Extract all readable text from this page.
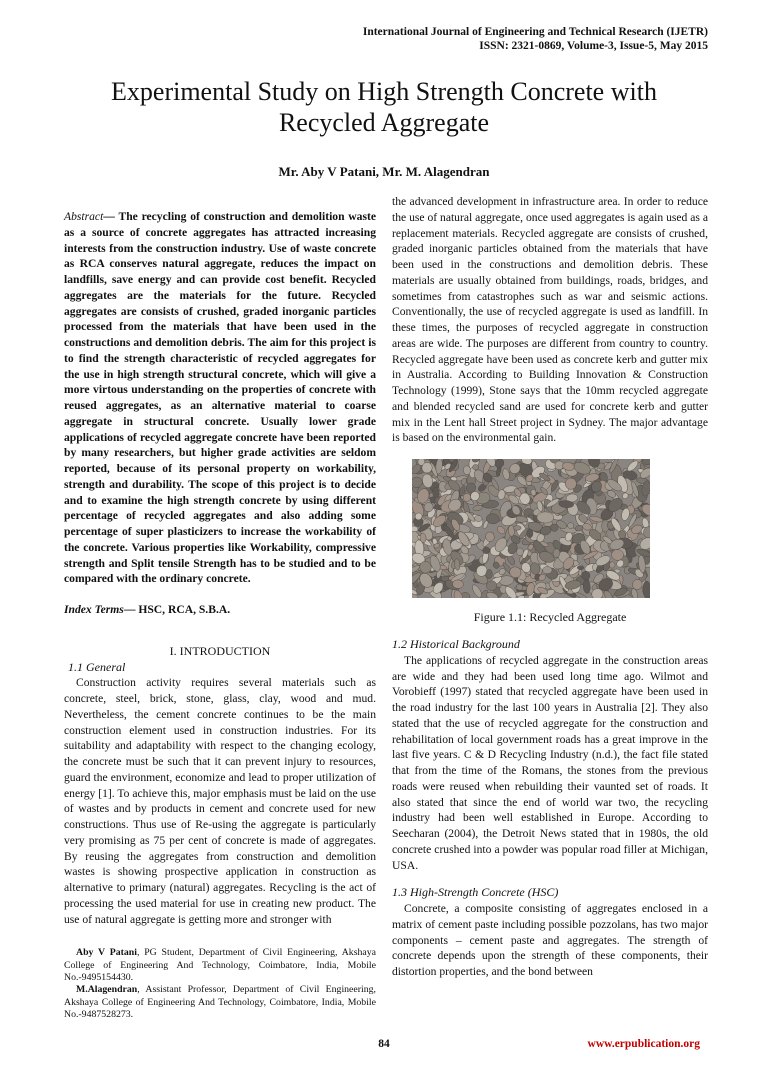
International Journal of Engineering and Technical Research (IJETR)
ISSN: 2321-0869, Volume-3, Issue-5, May 2015
Experimental Study on High Strength Concrete with
Recycled Aggregate
Mr. Aby V Patani, Mr. M. Alagendran

Abstract— The recycling of construction and demolition waste as a source of concrete aggregates has attracted increasing interests from the construction industry. Use of waste concrete as RCA conserves natural aggregate, reduces the impact on landfills, save energy and can provide cost benefit. Recycled aggregates are the materials for the future. Recycled aggregates are consists of crushed, graded inorganic particles processed from the materials that have been used in the constructions and demolition debris. The aim for this project is to find the strength characteristic of recycled aggregates for the use in high strength structural concrete, which will give a more virtous understanding on the properties of concrete with reused aggregates, as an alternative material to coarse aggregate in structural concrete. Usually lower grade applications of recycled aggregate concrete have been reported by many researchers, but higher grade activities are seldom reported, because of its personal property on workability, strength and durability. The scope of this project is to decide and to examine the high strength concrete by using different percentage of recycled aggregates and also adding some percentage of super plasticizers to increase the workability of the concrete. Various properties like Workability, compressive strength and Split tensile Strength has to be studied and to be compared with the ordinary concrete.

Index Terms— HSC, RCA, S.B.A.
I. INTRODUCTION
1.1 General

Construction activity requires several materials such as concrete, steel, brick, stone, glass, clay, wood and mud. Nevertheless, the cement concrete continues to be the main construction element used in construction industries. For its suitability and adaptability with respect to the changing ecology, the concrete must be such that it can prevent injury to resources, guard the environment, economize and lead to proper utilization of energy [1]. To achieve this, major emphasis must be laid on the use of wastes and by products in cement and concrete used for new constructions. Thus use of Re-using the aggregate is particularly very promising as 75 per cent of concrete is made of aggregates. By reusing the aggregates from construction and demolition wastes is showing prospective application in construction as alternative to primary (natural) aggregates. Recycling is the act of processing the used material for use in creating new product. The use of natural aggregate is getting more and stronger with

Aby V Patani, PG Student, Department of Civil Engineering, Akshaya College of Engineering And Technology, Coimbatore, India, Mobile No.-9495154430.

M.Alagendran, Assistant Professor, Department of Civil Engineering, Akshaya College of Engineering And Technology, Coimbatore, India, Mobile No.-9487528273.

the advanced development in infrastructure area. In order to reduce the use of natural aggregate, once used aggregates is again used as a replacement materials. Recycled aggregate are consists of crushed, graded inorganic particles obtained from the materials that have been used in the constructions and demolition debris. These materials are usually obtained from buildings, roads, bridges, and sometimes from catastrophes such as war and seismic actions. Conventionally, the use of recycled aggregate is used as landfill. In these times, the purposes of recycled aggregate in construction areas are wide. The purposes are different from country to country. Recycled aggregate have been used as concrete kerb and gutter mix in Australia. According to Building Innovation & Construction Technology (1999), Stone says that the 10mm recycled aggregate and blended recycled sand are used for concrete kerb and gutter mix in the Lent hall Street project in Sydney. The major advantage is based on the environmental gain.
Figure 1.1: Recycled Aggregate
1.2 Historical Background

The applications of recycled aggregate in the construction areas are wide and they had been used long time ago. Wilmot and Vorobieff (1997) stated that recycled aggregate have been used in the road industry for the last 100 years in Australia [2]. They also stated that the use of recycled aggregate for the construction and rehabilitation of local government roads has a great improve in the last five years. C & D Recycling Industry (n.d.), the fact file stated that from the time of the Romans, the stones from the previous roads were reused when rebuilding their vaunted set of roads. It also stated that since the end of world war two, the recycling industry had been well established in Europe. According to Seecharan (2004), the Detroit News stated that in 1980s, the old concrete crushed into a powder was popular road filler at Michigan, USA.

1.3 High-Strength Concrete (HSC)

Concrete, a composite consisting of aggregates enclosed in a matrix of cement paste including possible pozzolans, has two major components – cement paste and aggregates. The strength of concrete depends upon the strength of these components, their distortion properties, and the bond between

84	www.erpublication.org
